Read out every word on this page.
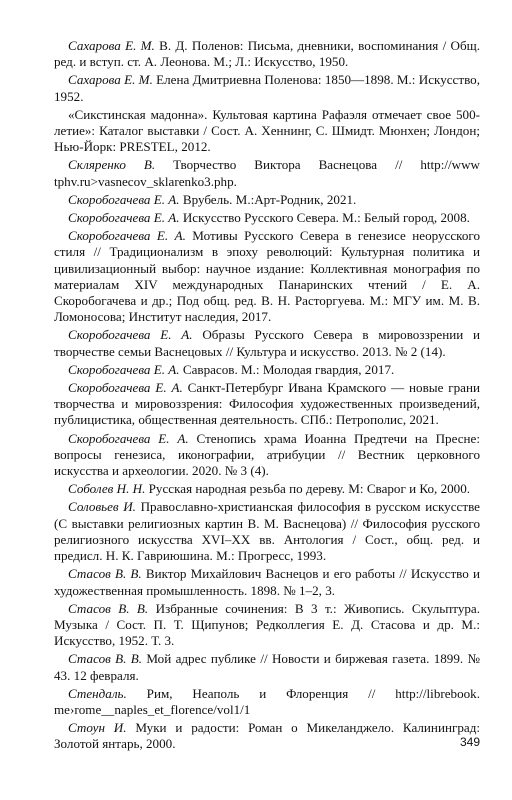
Сахарова Е. М. В. Д. Поленов: Письма, дневники, воспоминания / Общ. ред. и вступ. ст. А. Леонова. М.; Л.: Искусство, 1950.

Сахарова Е. М. Елена Дмитриевна Поленова: 1850—1898. М.: Искусство, 1952.

«Сикстинская мадонна». Культовая картина Рафаэля отмечает свое 500-летие»: Каталог выставки / Сост. А. Хеннинг, С. Шмидт. Мюнхен; Лондон; Нью-Йорк: PRESTEL, 2012.

Скляренко В. Творчество Виктора Васнецова // http://www tphv.ru>vasnecov_sklarenko3.php.

Скоробогачева Е. А. Врубель. М.:Арт-Родник, 2021.

Скоробогачева Е. А. Искусство Русского Севера. М.: Белый город, 2008.

Скоробогачева Е. А. Мотивы Русского Севера в генезисе неорусского стиля // Традиционализм в эпоху революций: Культурная политика и цивилизационный выбор: научное издание: Коллективная монография по материалам XIV международных Панаринских чтений / Е. А. Скоробогачева и др.; Под общ. ред. В. Н. Расторгуева. М.: МГУ им. М. В. Ломоносова; Институт наследия, 2017.

Скоробогачева Е. А. Образы Русского Севера в мировоззрении и творчестве семьи Васнецовых // Культура и искусство. 2013. № 2 (14).

Скоробогачева Е. А. Саврасов. М.: Молодая гвардия, 2017.

Скоробогачева Е. А. Санкт-Петербург Ивана Крамского — новые грани творчества и мировоззрения: Философия художественных произведений, публицистика, общественная деятельность. СПб.: Петрополис, 2021.

Скоробогачева Е. А. Стенопись храма Иоанна Предтечи на Пресне: вопросы генезиса, иконографии, атрибуции // Вестник церковного искусства и археологии. 2020. № 3 (4).

Соболев Н. Н. Русская народная резьба по дереву. М: Сварог и Ко, 2000.

Соловьев И. Православно-христианская философия в русском искусстве (С выставки религиозных картин В. М. Васнецова) // Философия русского религиозного искусства XVI–XX вв. Антология / Сост., общ. ред. и предисл. Н. К. Гавриюшина. М.: Прогресс, 1993.

Стасов В. В. Виктор Михайлович Васнецов и его работы // Искусство и художественная промышленность. 1898. № 1–2, 3.

Стасов В. В. Избранные сочинения: В 3 т.: Живопись. Скульптура. Музыка / Сост. П. Т. Щипунов; Редколлегия Е. Д. Стасова и др. М.: Искусство, 1952. Т. 3.

Стасов В. В. Мой адрес публике // Новости и биржевая газета. 1899. № 43. 12 февраля.

Стендаль. Рим, Неаполь и Флоренция // http://librebook. me›rome__naples_et_florence/vol1/1

Стоун И. Муки и радости: Роман о Микеланджело. Калининград: Золотой янтарь, 2000.	349
